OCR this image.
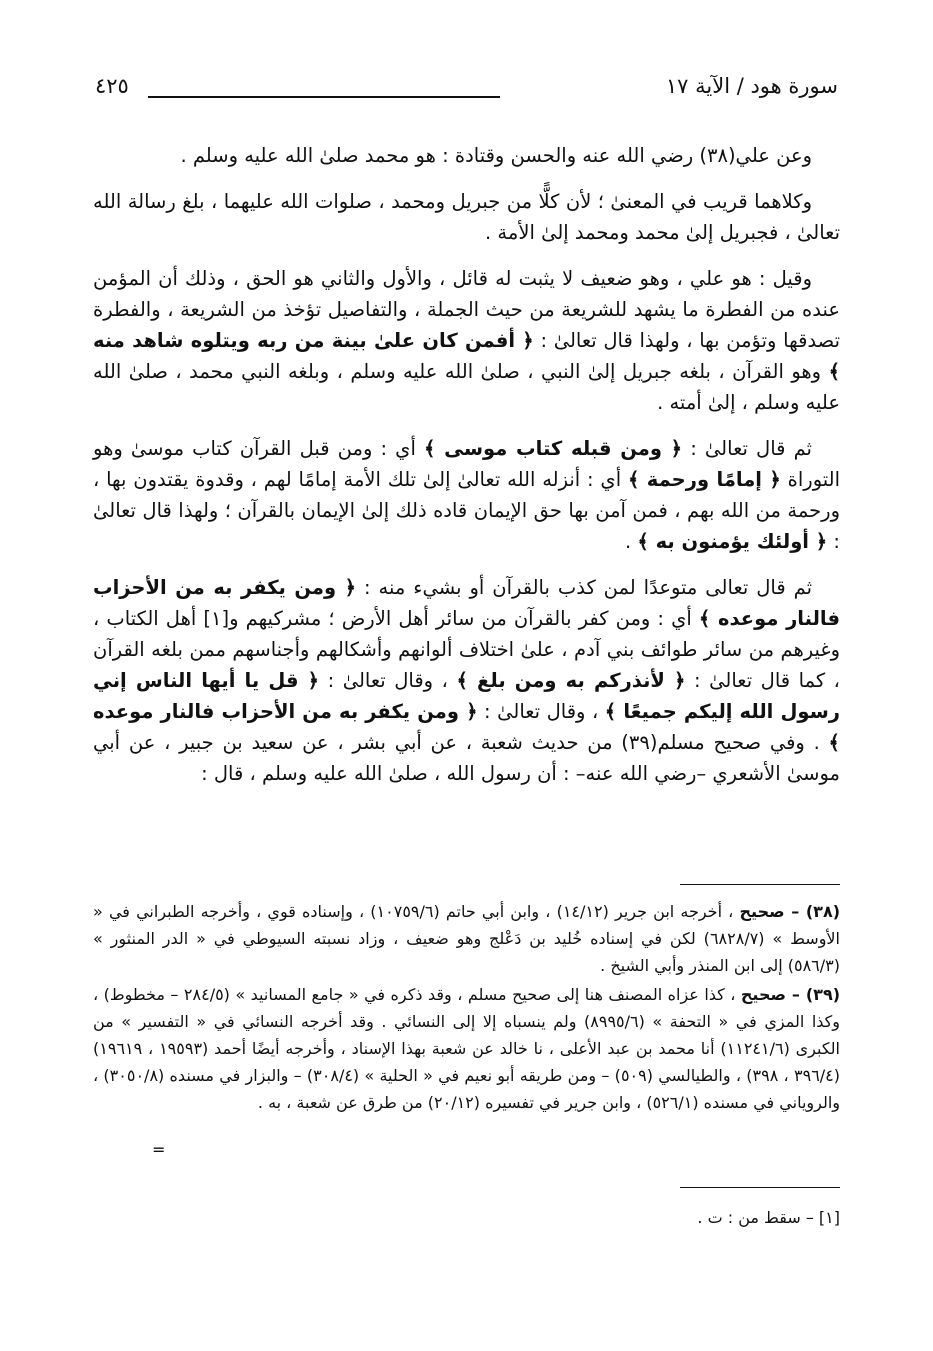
سورة هود / الآية ١٧
٤٢٥

وعن علي(٣٨) رضي الله عنه والحسن وقتادة : هو محمد صلىٰ الله عليه وسلم .

وكلاهما قريب في المعنىٰ ؛ لأن كلًّا من جبريل ومحمد ، صلوات الله عليهما ، بلغ رسالة الله تعالىٰ ، فجبريل إلىٰ محمد ومحمد إلىٰ الأمة .

وقيل : هو علي ، وهو ضعيف لا يثبت له قائل ، والأول والثاني هو الحق ، وذلك أن المؤمن عنده من الفطرة ما يشهد للشريعة من حيث الجملة ، والتفاصيل تؤخذ من الشريعة ، والفطرة تصدقها وتؤمن بها ، ولهذا قال تعالىٰ : ﴿ أفمن كان علىٰ بينة من ربه ويتلوه شاهد منه ﴾ وهو القرآن ، بلغه جبريل إلىٰ النبي ، صلىٰ الله عليه وسلم ، وبلغه النبي محمد ، صلىٰ الله عليه وسلم ، إلىٰ أمته .

ثم قال تعالىٰ : ﴿ ومن قبله كتاب موسى ﴾ أي : ومن قبل القرآن كتاب موسىٰ وهو التوراة ﴿ إمامًا ورحمة ﴾ أي : أنزله الله تعالىٰ إلىٰ تلك الأمة إمامًا لهم ، وقدوة يقتدون بها ، ورحمة من الله بهم ، فمن آمن بها حق الإيمان قاده ذلك إلىٰ الإيمان بالقرآن ؛ ولهذا قال تعالىٰ : ﴿ أولئك يؤمنون به ﴾ .

ثم قال تعالى متوعدًا لمن كذب بالقرآن أو بشيء منه : ﴿ ومن يكفر به من الأحزاب فالنار موعده ﴾ أي : ومن كفر بالقرآن من سائر أهل الأرض ؛ مشركيهم و[١] أهل الكتاب ، وغيرهم من سائر طوائف بني آدم ، علىٰ اختلاف ألوانهم وأشكالهم وأجناسهم ممن بلغه القرآن ، كما قال تعالىٰ : ﴿ لأنذركم به ومن بلغ ﴾ ، وقال تعالىٰ : ﴿ قل يا أيها الناس إني رسول الله إليكم جميعًا ﴾ ، وقال تعالىٰ : ﴿ ومن يكفر به من الأحزاب فالنار موعده ﴾ . وفي صحيح مسلم(٣٩) من حديث شعبة ، عن أبي بشر ، عن سعيد بن جبير ، عن أبي موسىٰ الأشعري –رضي الله عنه– : أن رسول الله ، صلىٰ الله عليه وسلم ، قال :

(٣٨) – صحيح ، أخرجه ابن جرير (١٤/١٢) ، وابن أبي حاتم (١٠٧٥٩/٦) ، وإسناده قوي ، وأخرجه الطبراني في « الأوسط » (٦٨٢٨/٧) لكن في إسناده خُليد بن دَعْلج وهو ضعيف ، وزاد نسبته السيوطي في « الدر المنثور » (٥٨٦/٣) إلى ابن المنذر وأبي الشيخ .

(٣٩) – صحيح ، كذا عزاه المصنف هنا إلى صحيح مسلم ، وقد ذكره في « جامع المسانيد » (٢٨٤/٥ – مخطوط) ، وكذا المزي في « التحفة » (٨٩٩٥/٦) ولم ينسباه إلا إلى النسائي . وقد أخرجه النسائي في « التفسير » من الكبرى (١١٢٤١/٦) أنا محمد بن عبد الأعلى ، نا خالد عن شعبة بهذا الإسناد ، وأخرجه أيضًا أحمد (١٩٥٩٣ ، ١٩٦١٩) (٣٩٦/٤ ، ٣٩٨) ، والطيالسي (٥٠٩) – ومن طريقه أبو نعيم في « الحلية » (٣٠٨/٤) – والبزار في مسنده (٣٠٥٠/٨) ، والروياني في مسنده (٥٢٦/١) ، وابن جرير في تفسيره (٢٠/١٢) من طرق عن شعبة ، به .

=
[١] – سقط من : ت .
